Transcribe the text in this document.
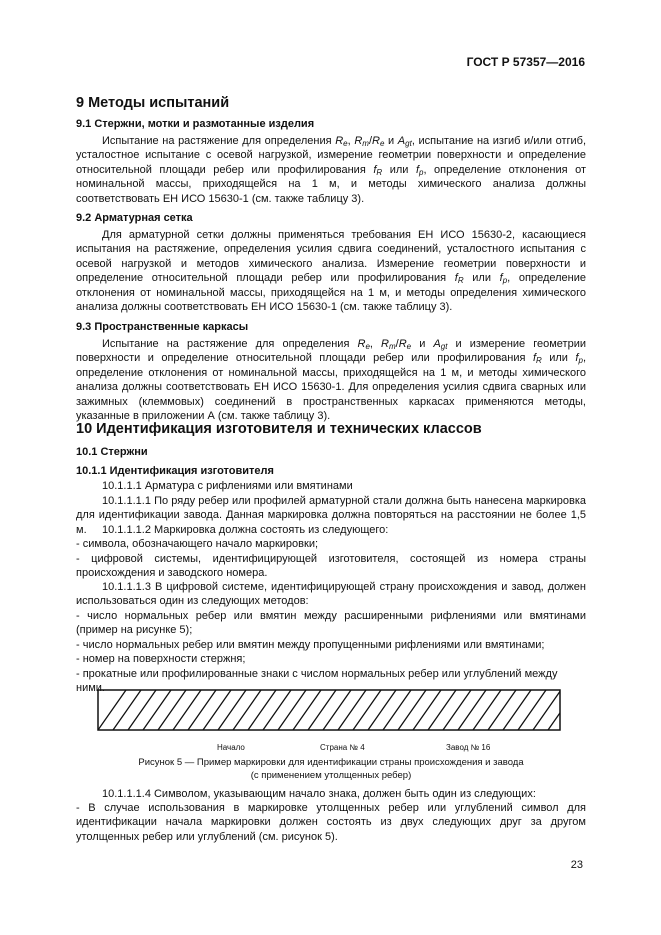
ГОСТ Р 57357—2016
9 Методы испытаний
9.1 Стержни, мотки и размотанные изделия
Испытание на растяжение для определения $R_e$, $R_m/R_e$ и $A_{gt}$, испытание на изгиб и/или отгиб, усталостное испытание с осевой нагрузкой, измерение геометрии поверхности и определение относительной площади ребер или профилирования $f_R$ или $f_p$, определение отклонения от номинальной массы, приходящейся на 1 м, и методы химического анализа должны соответствовать ЕН ИСО 15630-1 (см. также таблицу 3).
9.2 Арматурная сетка
Для арматурной сетки должны применяться требования ЕН ИСО 15630-2, касающиеся испытания на растяжение, определения усилия сдвига соединений, усталостного испытания с осевой нагрузкой и методов химического анализа. Измерение геометрии поверхности и определение относительной площади ребер или профилирования $f_R$ или $f_p$, определение отклонения от номинальной массы, приходящейся на 1 м, и методы определения химического анализа должны соответствовать ЕН ИСО 15630-1 (см. также таблицу 3).
9.3 Пространственные каркасы
Испытание на растяжение для определения $R_e$, $R_m/R_e$ и $A_{gt}$ и измерение геометрии поверхности и определение относительной площади ребер или профилирования $f_R$ или $f_p$, определение отклонения от номинальной массы, приходящейся на 1 м, и методы химического анализа должны соответствовать ЕН ИСО 15630-1. Для определения усилия сдвига сварных или зажимных (клеммовых) соединений в пространственных каркасах применяются методы, указанные в приложении А (см. также таблицу 3).
10 Идентификация изготовителя и технических классов
10.1 Стержни
10.1.1 Идентификация изготовителя
10.1.1.1 Арматура с рифлениями или вмятинами
10.1.1.1.1 По ряду ребер или профилей арматурной стали должна быть нанесена маркировка для идентификации завода. Данная маркировка должна повторяться на расстоянии не более 1,5 м.	10.1.1.1.2 Маркировка должна состоять из следующего:
- символа, обозначающего начало маркировки;
- цифровой системы, идентифицирующей изготовителя, состоящей из номера страны происхождения и заводского номера.
10.1.1.1.3 В цифровой системе, идентифицирующей страну происхождения и завод, должен использоваться один из следующих методов:
- число нормальных ребер или вмятин между расширенными рифлениями или вмятинами (пример на рисунке 5);
- число нормальных ребер или вмятин между пропущенными рифлениями или вмятинами;
- номер на поверхности стержня;
- прокатные или профилированные знаки с числом нормальных ребер или углублений между ними.
Начало	Страна № 4	Завод № 16
Рисунок 5 — Пример маркировки для идентификации страны происхождения и завода
(с применением утолщенных ребер)
10.1.1.1.4 Символом, указывающим начало знака, должен быть один из следующих:
- В случае использования в маркировке утолщенных ребер или углублений символ для идентификации начала маркировки должен состоять из двух следующих друг за другом утолщенных ребер или углублений (см. рисунок 5).
23
